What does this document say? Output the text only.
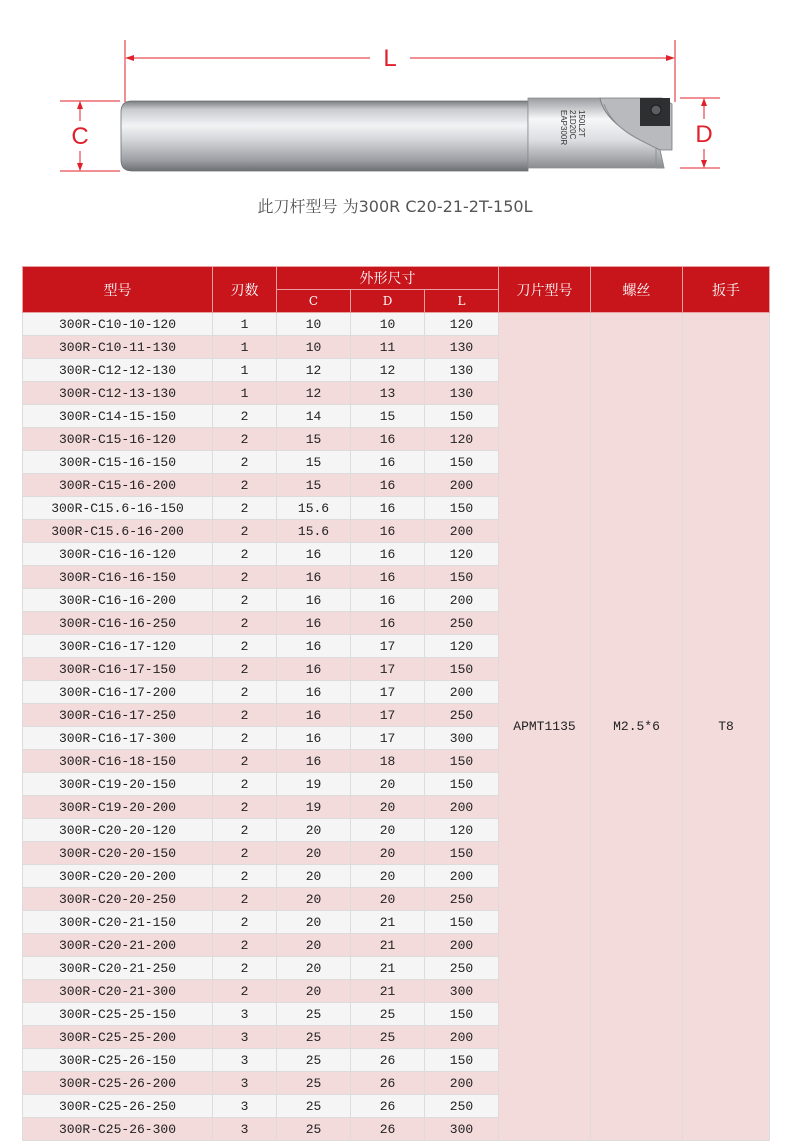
L
C	D
EAP300R 21D20C 150L2T
此刀杆型号 为300R C20-21-2T-150L
型号	刃数	外形尺寸			刀片型号	螺丝	扳手
		C	D	L			
300R-C10-10-120	1	10	10	120	APMT1135	M2.5*6	T8
300R-C10-11-130	1	10	11	130			
300R-C12-12-130	1	12	12	130			
300R-C12-13-130	1	12	13	130			
300R-C14-15-150	2	14	15	150			
300R-C15-16-120	2	15	16	120			
300R-C15-16-150	2	15	16	150			
300R-C15-16-200	2	15	16	200			
300R-C15.6-16-150	2	15.6	16	150			
300R-C15.6-16-200	2	15.6	16	200			
300R-C16-16-120	2	16	16	120			
300R-C16-16-150	2	16	16	150			
300R-C16-16-200	2	16	16	200			
300R-C16-16-250	2	16	16	250			
300R-C16-17-120	2	16	17	120			
300R-C16-17-150	2	16	17	150			
300R-C16-17-200	2	16	17	200			
300R-C16-17-250	2	16	17	250			
300R-C16-17-300	2	16	17	300			
300R-C16-18-150	2	16	18	150			
300R-C19-20-150	2	19	20	150			
300R-C19-20-200	2	19	20	200			
300R-C20-20-120	2	20	20	120			
300R-C20-20-150	2	20	20	150			
300R-C20-20-200	2	20	20	200			
300R-C20-20-250	2	20	20	250			
300R-C20-21-150	2	20	21	150			
300R-C20-21-200	2	20	21	200			
300R-C20-21-250	2	20	21	250			
300R-C20-21-300	2	20	21	300			
300R-C25-25-150	3	25	25	150			
300R-C25-25-200	3	25	25	200			
300R-C25-26-150	3	25	26	150			
300R-C25-26-200	3	25	26	200			
300R-C25-26-250	3	25	26	250			
300R-C25-26-300	3	25	26	300			
